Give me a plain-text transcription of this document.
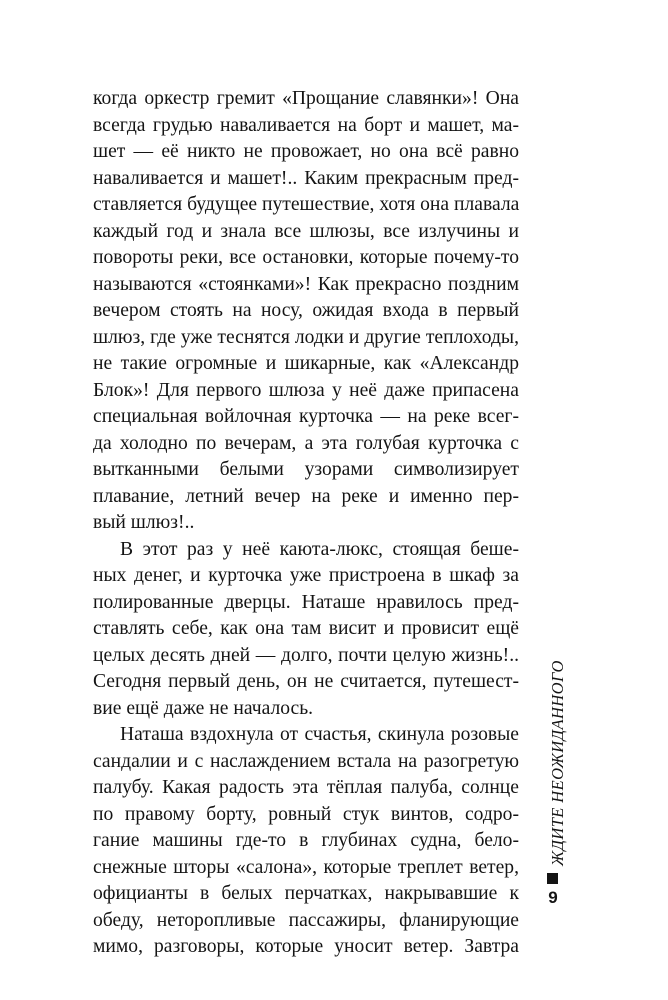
когда оркестр гремит «Прощание славянки»! Она
всегда грудью наваливается на борт и машет, ма-
шет — её никто не провожает, но она всё равно
наваливается и машет!.. Каким прекрасным пред-
ставляется будущее путешествие, хотя она плавала
каждый год и знала все шлюзы, все излучины и
повороты реки, все остановки, которые почему-то
называются «стоянками»! Как прекрасно поздним
вечером стоять на носу, ожидая входа в первый
шлюз, где уже теснятся лодки и другие теплоходы,
не такие огромные и шикарные, как «Александр
Блок»! Для первого шлюза у неё даже припасена
специальная войлочная курточка — на реке всег-
да холодно по вечерам, а эта голубая курточка с
вытканными белыми узорами символизирует
плавание, летний вечер на реке и именно пер-
вый шлюз!..
В этот раз у неё каюта-люкс, стоящая беше-
ных денег, и курточка уже пристроена в шкаф за
полированные дверцы. Наташе нравилось пред-
ставлять себе, как она там висит и провисит ещё
целых десять дней — долго, почти целую жизнь!..
Сегодня первый день, он не считается, путешест-
вие ещё даже не началось.
Наташа вздохнула от счастья, скинула розовые
сандалии и с наслаждением встала на разогретую
палубу. Какая радость эта тёплая палуба, солнце
по правому борту, ровный стук винтов, содро-
гание машины где-то в глубинах судна, бело-
снежные шторы «салона», которые треплет ветер,
официанты в белых перчатках, накрывавшие к
обеду, неторопливые пассажиры, фланирующие
мимо, разговоры, которые уносит ветер. Завтра
ЖДИТЕ НЕОЖИДАННОГО
9
